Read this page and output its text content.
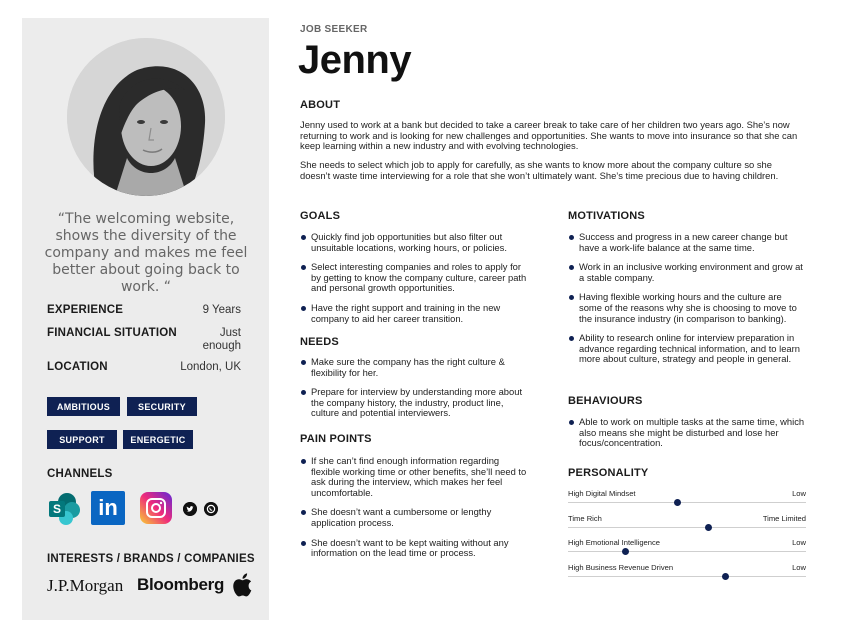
“The welcoming website, shows the diversity of the company and makes me feel better about going back to work. “
EXPERIENCE	9 Years
FINANCIAL SITUATION	Just enough
LOCATION	London, UK
AMBITIOUS	SECURITY
SUPPORT	ENERGETIC
CHANNELS
S in
INTERESTS / BRANDS / COMPANIES
J.P.Morgan Bloomberg
JOB SEEKER
Jenny
ABOUT

Jenny used to work at a bank but decided to take a career break to take care of her children two years ago. She’s now returning to work and is looking for new challenges and opportunities. She wants to move into insurance so that she can keep learning within a new industry and with evolving technologies.

She needs to select which job to apply for carefully, as she wants to know more about the company culture so she doesn’t waste time interviewing for a role that she won’t ultimately want. She’s time precious due to having children.

GOALS
Quickly find job opportunities but also filter out unsuitable locations, working hours, or policies.
Select interesting companies and roles to apply for by getting to know the company culture, career path and personal growth opportunities.
Have the right support and training in the new company to aid her career transition.
NEEDS
Make sure the company has the right culture & flexibility for her.
Prepare for interview by understanding more about the company history, the industry, product line, culture and potential interviewers.
PAIN POINTS
If she can’t find enough information regarding flexible working time or other benefits, she’ll need to ask during the interview, which makes her feel uncomfortable.
She doesn’t want a cumbersome or lengthy application process.
She doesn’t want to be kept waiting without any information on the lead time or process.
MOTIVATIONS
Success and progress in a new career change but have a work-life balance at the same time.
Work in an inclusive working environment and grow at a stable company.
Having flexible working hours and the culture are some of the reasons why she is choosing to move to the insurance industry (in comparison to banking).
Ability to research online for interview preparation in advance regarding technical information, and to learn more about culture, strategy and people in general.
BEHAVIOURS
Able to work on multiple tasks at the same time, which also means she might be disturbed and lose her focus/concentration.
PERSONALITY
High Digital Mindset	Low
Time Rich	Time Limited
High Emotional Intelligence	Low
High Business Revenue Driven	Low
